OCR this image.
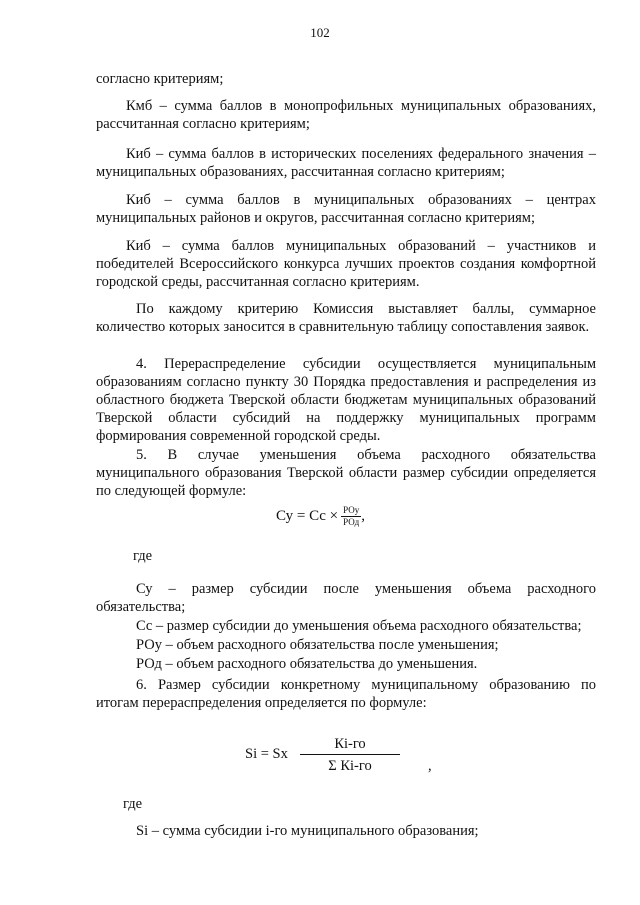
102
согласно критериям;
Кмб – сумма баллов в монопрофильных муниципальных образованиях, рассчитанная согласно критериям;
Киб – сумма баллов в исторических поселениях федерального значения – муниципальных образованиях, рассчитанная согласно критериям;
Киб – сумма баллов в муниципальных образованиях – центрах муниципальных районов и округов, рассчитанная согласно критериям;
Киб – сумма баллов муниципальных образований – участников и победителей Всероссийского конкурса лучших проектов создания комфортной городской среды, рассчитанная согласно критериям.
По каждому критерию Комиссия выставляет баллы, суммарное количество которых заносится в сравнительную таблицу сопоставления заявок.
4. Перераспределение субсидии осуществляется муниципальным образованиям согласно пункту 30 Порядка предоставления и распределения из областного бюджета Тверской области бюджетам муниципальных образований Тверской области субсидий на поддержку муниципальных программ формирования современной городской среды.
5. В случае уменьшения объема расходного обязательства муниципального образования Тверской области размер субсидии определяется по следующей формуле:
Су = Сс × $\frac{\text{РОу}}{\text{РОд}}$ ,
где
Су – размер субсидии после уменьшения объема расходного обязательства;
Сс – размер субсидии до уменьшения объема расходного обязательства;
РОу – объем расходного обязательства после уменьшения;
РОд – объем расходного обязательства до уменьшения.
6. Размер субсидии конкретному муниципальному образованию по итогам перераспределения определяется по формуле:
Si = Sx
Кi-го
Σ Кi-го	,
где
Si – сумма субсидии i-го муниципального образования;
